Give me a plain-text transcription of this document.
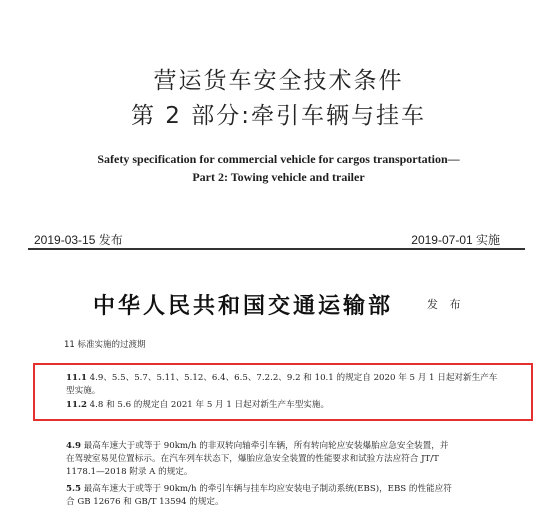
营运货车安全技术条件
第 2 部分:牵引车辆与挂车
Safety specification for commercial vehicle for cargos transportation—
Part 2: Towing vehicle and trailer
2019-03-15 发布	2019-07-01 实施
中华人民共和国交通运输部	发 布
11 标准实施的过渡期
11.1 4.9、5.5、5.7、5.11、5.12、6.4、6.5、7.2.2、9.2 和 10.1 的规定自 2020 年 5 月 1 日起对新生产车
型实施。
11.2 4.8 和 5.6 的规定自 2021 年 5 月 1 日起对新生产车型实施。
4.9 最高车速大于或等于 90km/h 的非双转向轴牵引车辆，所有转向轮应安装爆胎应急安全装置，并
在驾驶室易见位置标示。在汽车列车状态下，爆胎应急安全装置的性能要求和试验方法应符合 JT/T
1178.1—2018 附录 A 的规定。
5.5 最高车速大于或等于 90km/h 的牵引车辆与挂车均应安装电子制动系统(EBS)，EBS 的性能应符
合 GB 12676 和 GB/T 13594 的规定。
